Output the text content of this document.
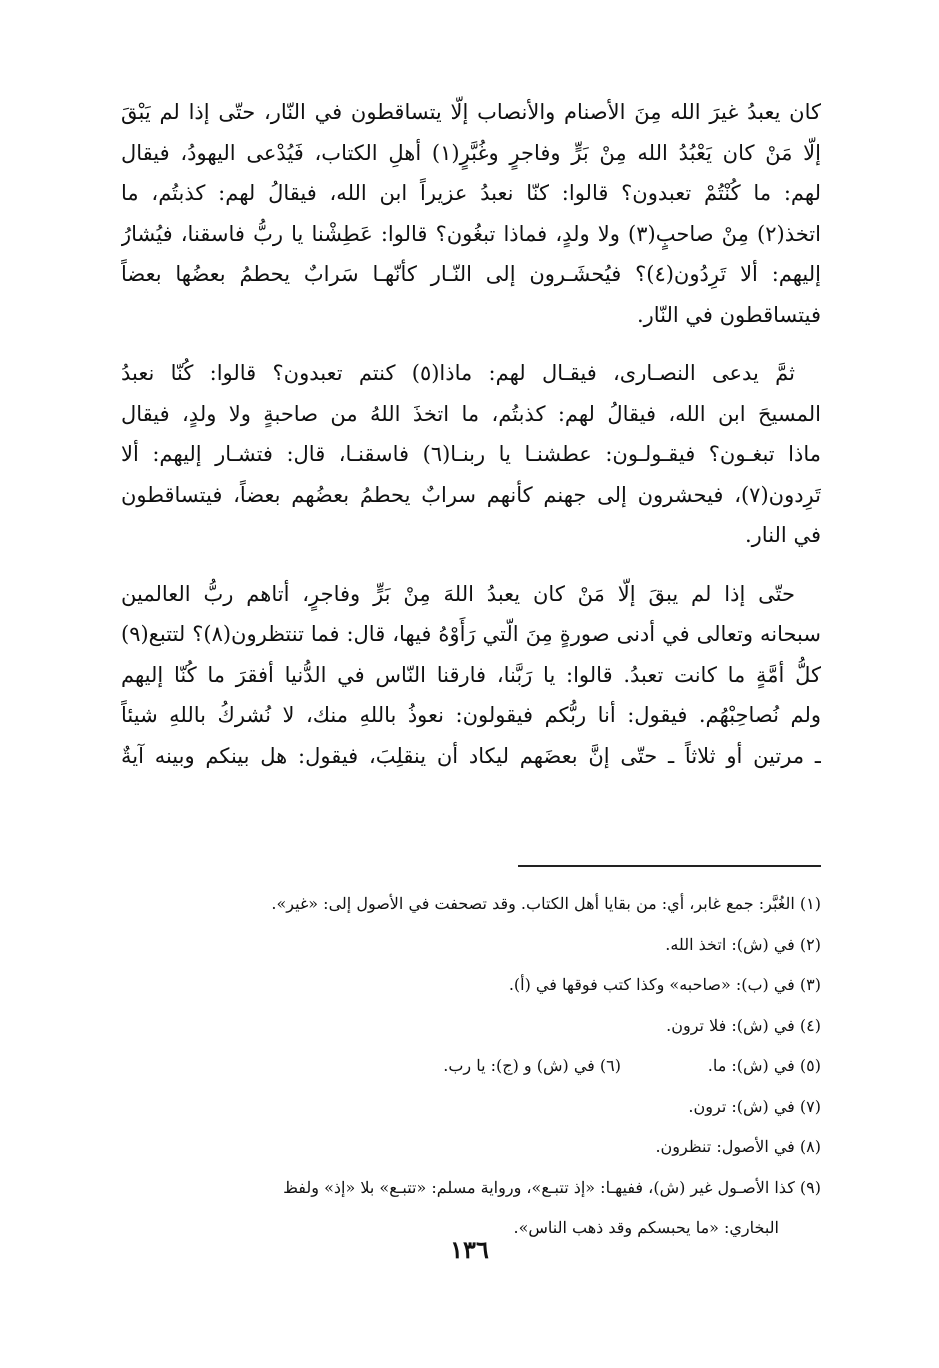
كان يعبدُ غيرَ الله مِنَ الأصنام والأنصاب إلّا يتساقطون في النّار، حتّى إذا لم يَبْقَ
إلّا مَنْ كان يَعْبُدُ الله مِنْ بَرٍّ وفاجرٍ وغُبَّرٍ(١) أهلِ الكتاب، فَيُدْعى اليهودُ، فيقال
لهم: ما كُنْتُمْ تعبدون؟ قالوا: كنّا نعبدُ عزيراً ابن الله، فيقالُ لهم: كذبتُم، ما
اتخذ(٢) مِنْ صاحبٍ(٣) ولا ولدٍ، فماذا تبغُون؟ قالوا: عَطِشْنا يا ربُّ فاسقنا، فيُشارُ
إليهم: ألا تَرِدُون(٤)؟ فيُحشَـرون إلى النّـار كأنّهـا سَرابٌ يحطمُ بعضُها بعضاً
فيتساقطون في النّار.
ثمَّ يدعى النصـارى، فيقـال لهم: ماذا(٥) كنتم تعبدون؟ قالوا: كُنّا نعبدُ
المسيحَ ابن الله، فيقالُ لهم: كذبتُم، ما اتخذَ اللهُ من صاحبةٍ ولا ولدٍ، فيقال
ماذا تبغـون؟ فيقـولـون: عطشنـا يا ربنـا(٦) فاسقنـا، قال: فتشـار إليهم: ألا
تَرِدون(٧)، فيحشرون إلى جهنم كأنهم سرابٌ يحطمُ بعضُهم بعضاً، فيتساقطون
في النار.
حتّى إذا لم يبقَ إلّا مَنْ كان يعبدُ اللهَ مِنْ بَرٍّ وفاجرٍ، أتاهم ربُّ العالمين
سبحانه وتعالى في أدنى صورةٍ مِنَ الّتي رَأَوْهُ فيها، قال: فما تنتظرون(٨)؟ لتتبع(٩)
كلُّ أمَّةٍ ما كانت تعبدُ. قالوا: يا رَبَّنا، فارقنا النّاس في الدُّنيا أفقرَ ما كُنّا إليهم
ولم نُصاحِبْهُم. فيقول: أنا ربُّكم فيقولون: نعوذُ باللهِ منك، لا نُشركُ باللهِ شيئاً
ـ مرتين أو ثلاثاً ـ حتّى إنَّ بعضَهم ليكاد أن ينقلِبَ، فيقول: هل بينكم وبينه آيةٌ
(١) الغُبَّر: جمع غابر، أي: من بقايا أهل الكتاب. وقد تصحفت في الأصول إلى: «غير».
(٢) في (ش): اتخذ الله.
(٣) في (ب): «صاحبه» وكذا كتب فوقها في (أ).
(٤) في (ش): فلا ترون.
(٥) في (ش): ما.
(٦) في (ش) و (ج): يا رب.
(٧) في (ش): ترون.
(٨) في الأصول: تنظرون.
(٩) كذا الأصـول غير (ش)، ففيهـا: «إذ تتبـع»، ورواية مسلم: «تتبـع» بلا «إذ» ولفظ
البخاري: «ما يحبسكم وقد ذهب الناس».
١٣٦
